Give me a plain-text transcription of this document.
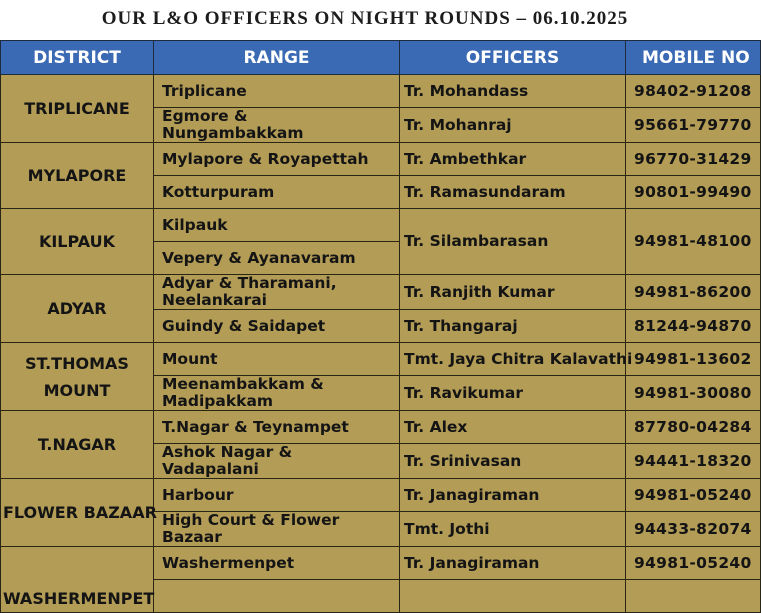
OUR L&O OFFICERS ON NIGHT ROUNDS – 06.10.2025
DISTRICT	RANGE	OFFICERS	MOBILE NO
TRIPLICANE	Triplicane	Tr. Mohandass	98402-91208
	Egmore & Nungambakkam	Tr. Mohanraj	95661-79770
MYLAPORE	Mylapore & Royapettah	Tr. Ambethkar	96770-31429
	Kotturpuram	Tr. Ramasundaram	90801-99490
KILPAUK	Kilpauk	Tr. Silambarasan	94981-48100
	Vepery & Ayanavaram		
ADYAR	Adyar & Tharamani, Neelankarai	Tr. Ranjith Kumar	94981-86200
	Guindy & Saidapet	Tr. Thangaraj	81244-94870
ST.THOMAS MOUNT	Mount	Tmt. Jaya Chitra Kalavathi	94981-13602
	Meenambakkam & Madipakkam	Tr. Ravikumar	94981-30080
T.NAGAR	T.Nagar & Teynampet	Tr. Alex	87780-04284
	Ashok Nagar & Vadapalani	Tr. Srinivasan	94441-18320
FLOWER BAZAAR	Harbour	Tr. Janagiraman	94981-05240
	High Court & Flower Bazaar	Tmt. Jothi	94433-82074
WASHERMENPET	Washermenpet	Tr. Janagiraman	94981-05240
